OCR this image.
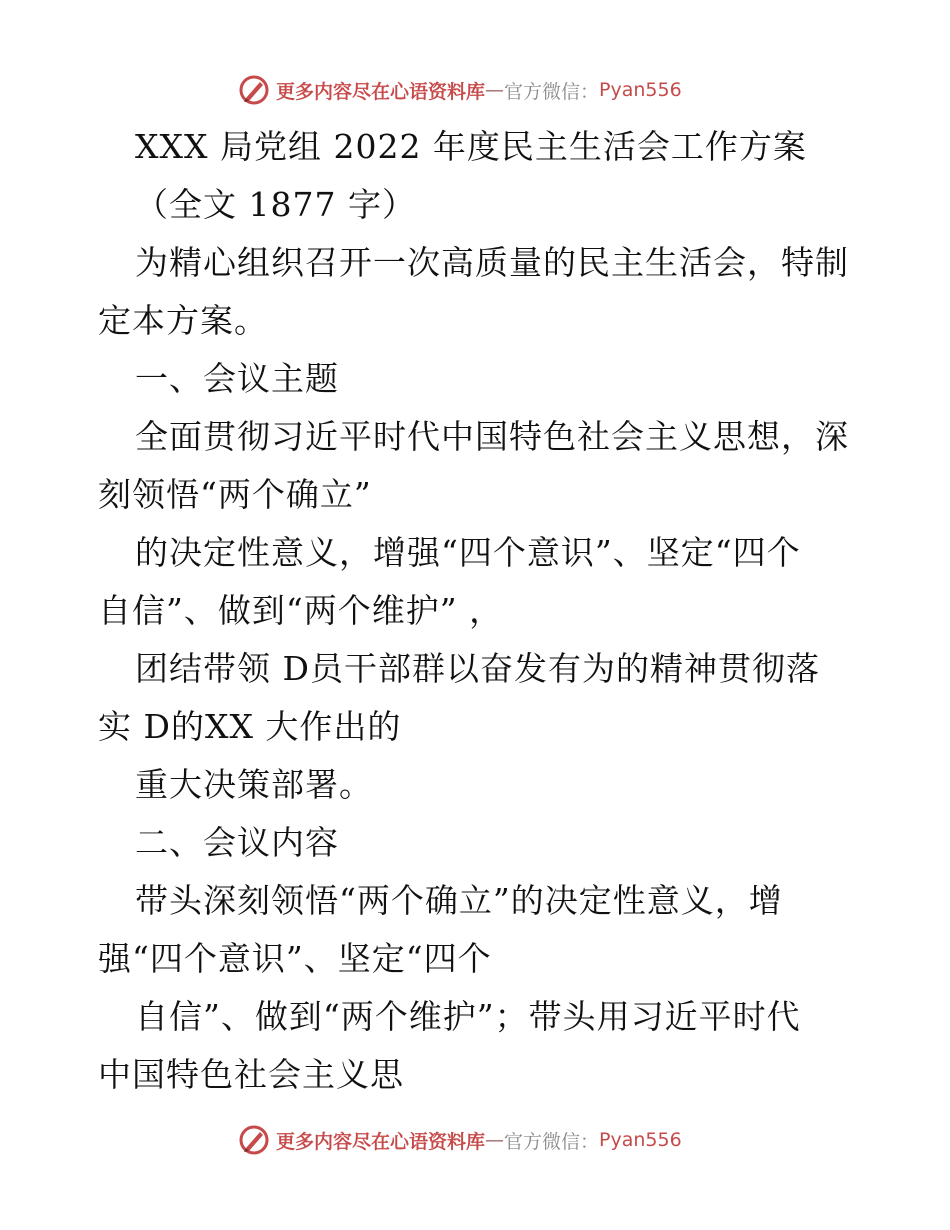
更多内容尽在心语资料库 — 官方微信： Pyan556
XXX 局党组 2022 年度民主生活会工作方案
（全文 1877 字）
为精心组织召开一次高质量的民主生活会，特制
定本方案。
一、会议主题
全面贯彻习近平时代中国特色社会主义思想，深
刻领悟“两个确立”
的决定性意义，增强“四个意识”、坚定“四个
自信”、做到“两个维护” ，
团结带领 D员干部群以奋发有为的精神贯彻落
实 D的XX 大作出的
重大决策部署。
二、会议内容
带头深刻领悟“两个确立”的决定性意义，增
强“四个意识”、坚定“四个
自信”、做到“两个维护”；带头用习近平时代
中国特色社会主义思
更多内容尽在心语资料库 — 官方微信： Pyan556
